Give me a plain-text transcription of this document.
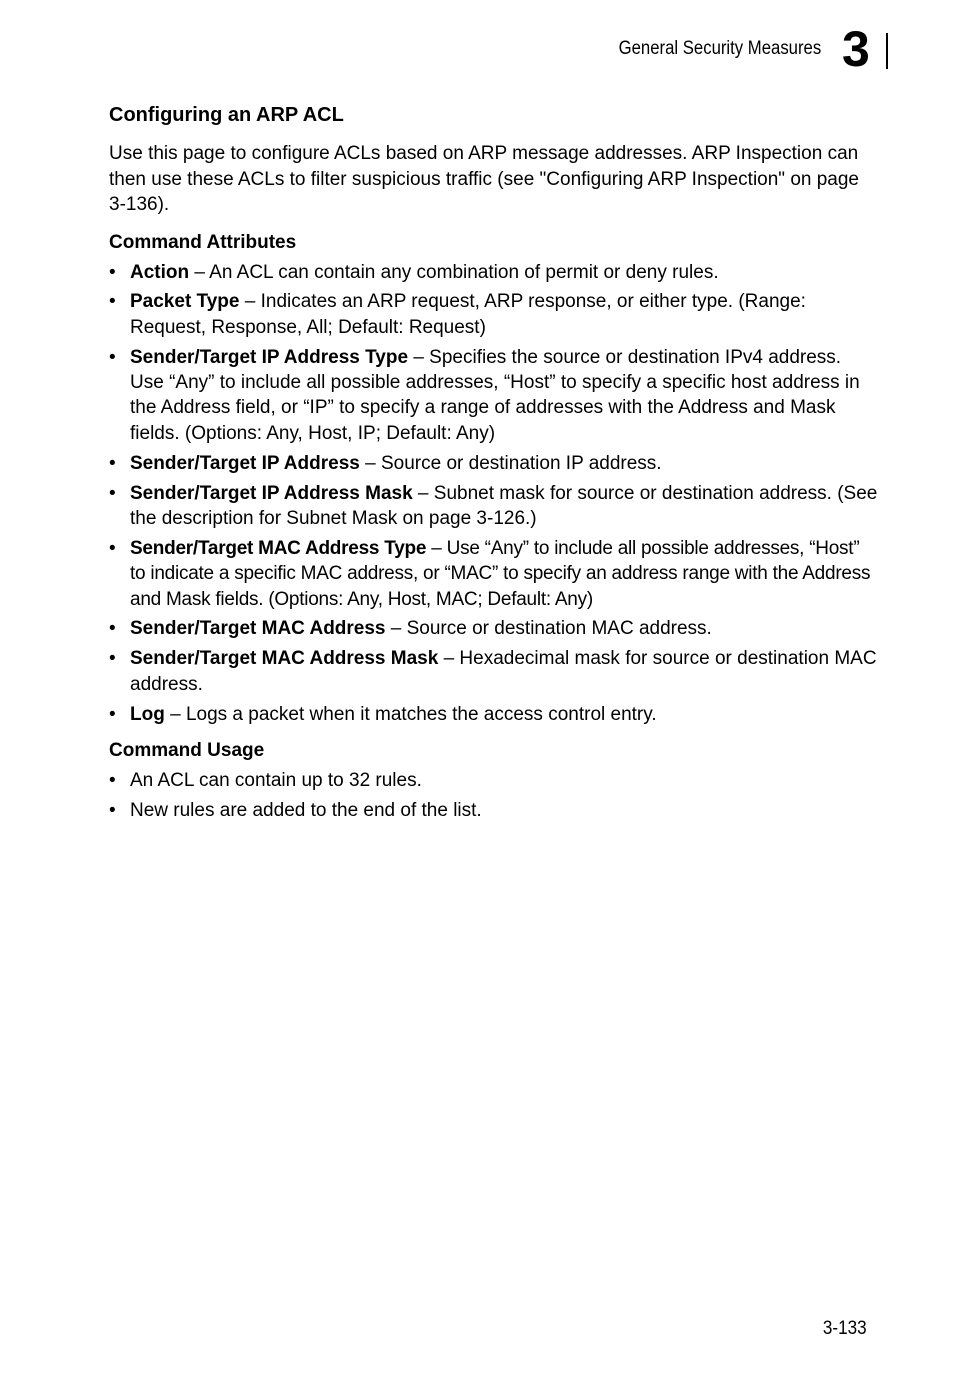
General Security Measures 3
Configuring an ARP ACL

Use this page to configure ACLs based on ARP message addresses. ARP Inspection can then use these ACLs to filter suspicious traffic (see "Configuring ARP Inspection" on page 3-136).

Command Attributes
• Action – An ACL can contain any combination of permit or deny rules.
• Packet Type – Indicates an ARP request, ARP response, or either type. (Range: Request, Response, All; Default: Request)
• Sender/Target IP Address Type – Specifies the source or destination IPv4 address. Use “Any” to include all possible addresses, “Host” to specify a specific host address in the Address field, or “IP” to specify a range of addresses with the Address and Mask fields. (Options: Any, Host, IP; Default: Any)
• Sender/Target IP Address – Source or destination IP address.
• Sender/Target IP Address Mask – Subnet mask for source or destination address. (See the description for Subnet Mask on page 3-126.)
• Sender/Target MAC Address Type – Use “Any” to include all possible addresses, “Host” to indicate a specific MAC address, or “MAC” to specify an address range with the Address and Mask fields. (Options: Any, Host, MAC; Default: Any)
• Sender/Target MAC Address – Source or destination MAC address.
• Sender/Target MAC Address Mask – Hexadecimal mask for source or destination MAC address.
• Log – Logs a packet when it matches the access control entry.
Command Usage
• An ACL can contain up to 32 rules.
• New rules are added to the end of the list.
3-133
